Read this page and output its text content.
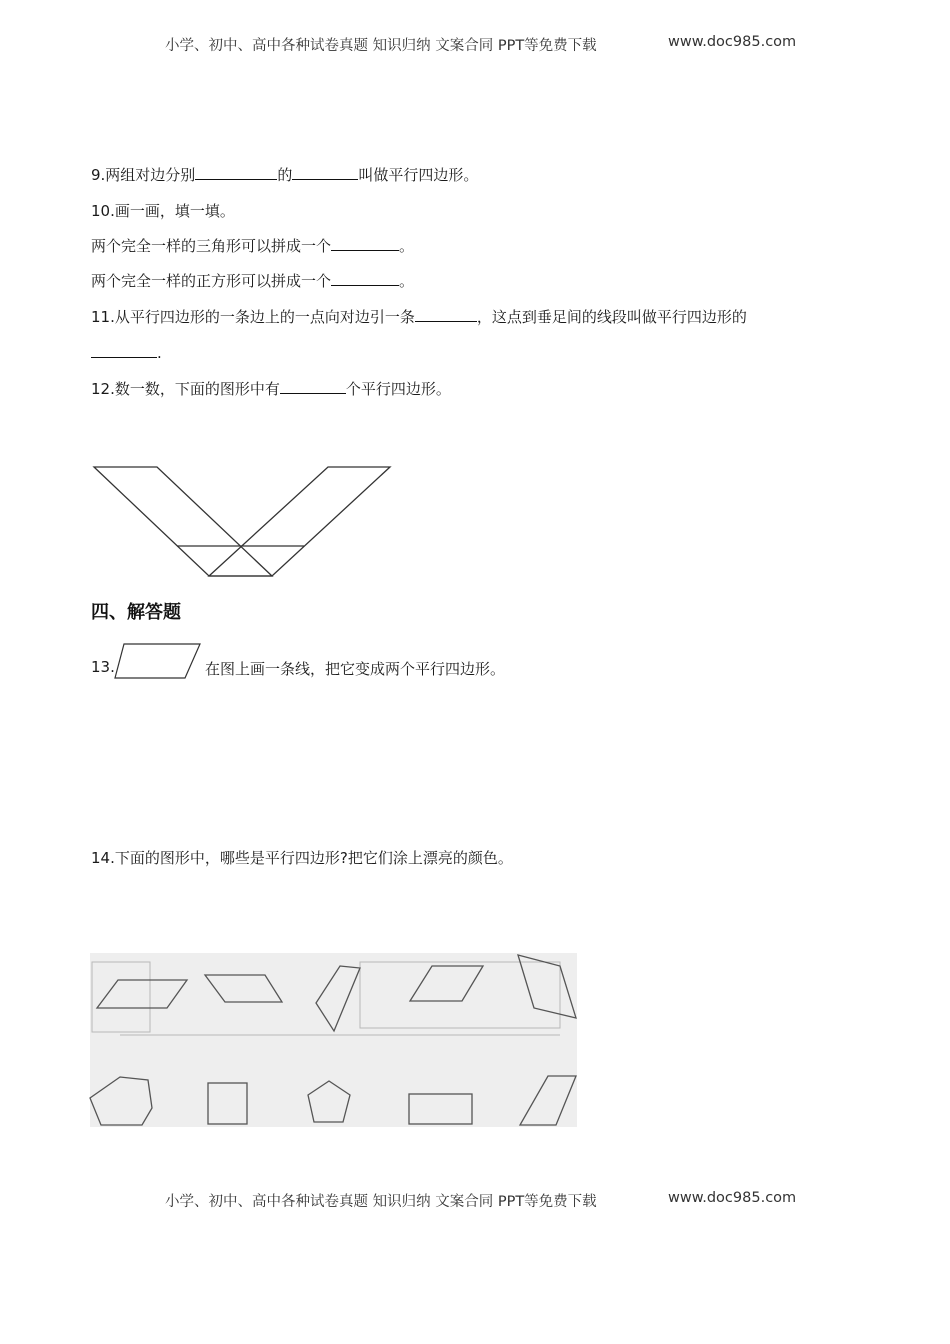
小学、初中、高中各种试卷真题 知识归纳 文案合同 PPT等免费下载	www.doc985.com
9.两组对边分别	的	叫做平行四边形。
10.画一画，填一填。
两个完全一样的三角形可以拼成一个	。
两个完全一样的正方形可以拼成一个	。
11.从平行四边形的一条边上的一点向对边引一条	，这点到垂足间的线段叫做平行四边形的
.
12.数一数，下面的图形中有	个平行四边形。
四、解答题
13.	在图上画一条线，把它变成两个平行四边形。
14.下面的图形中，哪些是平行四边形?把它们涂上漂亮的颜色。
小学、初中、高中各种试卷真题 知识归纳 文案合同 PPT等免费下载	www.doc985.com
